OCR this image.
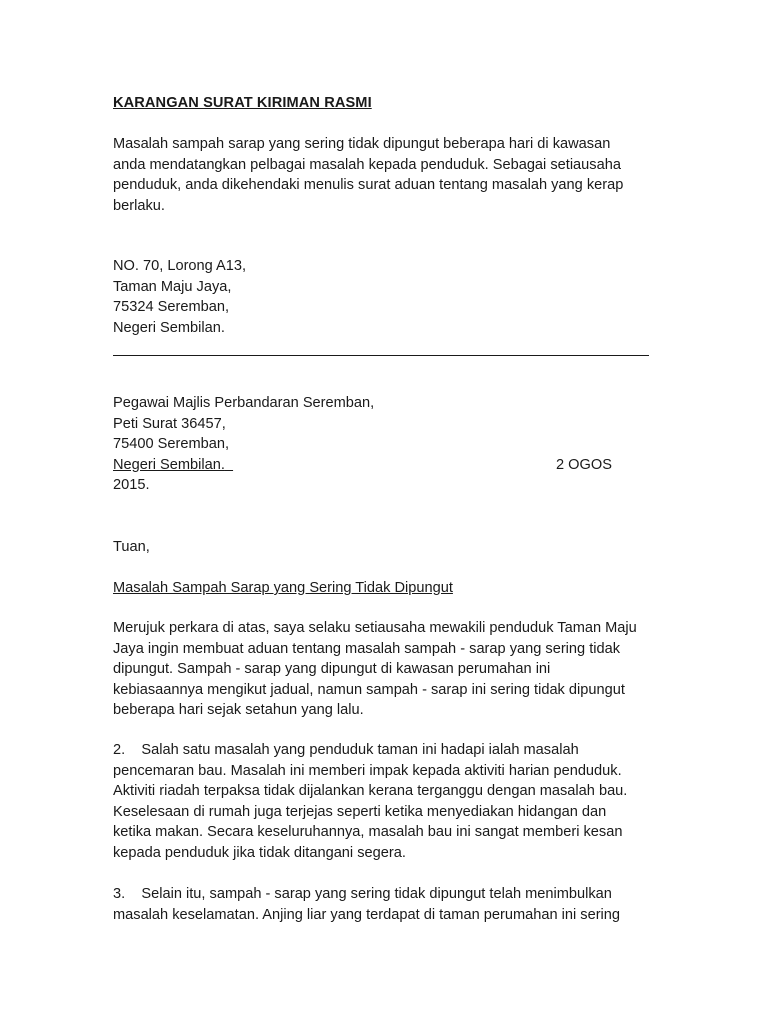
KARANGAN SURAT KIRIMAN RASMI
Masalah sampah sarap yang sering tidak dipungut beberapa hari di kawasan
anda mendatangkan pelbagai masalah kepada penduduk. Sebagai setiausaha
penduduk, anda dikehendaki menulis surat aduan tentang masalah yang kerap
berlaku.
NO. 70, Lorong A13,
Taman Maju Jaya,
75324 Seremban,
Negeri Sembilan.
Pegawai Majlis Perbandaran Seremban,
Peti Surat 36457,
75400 Seremban,
Negeri Sembilan.
2015.
2 OGOS
Tuan,
Masalah Sampah Sarap yang Sering Tidak Dipungut
Merujuk perkara di atas, saya selaku setiausaha mewakili penduduk Taman Maju
Jaya ingin membuat aduan tentang masalah sampah - sarap yang sering tidak
dipungut. Sampah - sarap yang dipungut di kawasan perumahan ini
kebiasaannya mengikut jadual, namun sampah - sarap ini sering tidak dipungut
beberapa hari sejak setahun yang lalu.
2.    Salah satu masalah yang penduduk taman ini hadapi ialah masalah
pencemaran bau. Masalah ini memberi impak kepada aktiviti harian penduduk.
Aktiviti riadah terpaksa tidak dijalankan kerana terganggu dengan masalah bau.
Keselesaan di rumah juga terjejas seperti ketika menyediakan hidangan dan
ketika makan. Secara keseluruhannya, masalah bau ini sangat memberi kesan
kepada penduduk jika tidak ditangani segera.
3.    Selain itu, sampah - sarap yang sering tidak dipungut telah menimbulkan
masalah keselamatan. Anjing liar yang terdapat di taman perumahan ini sering
